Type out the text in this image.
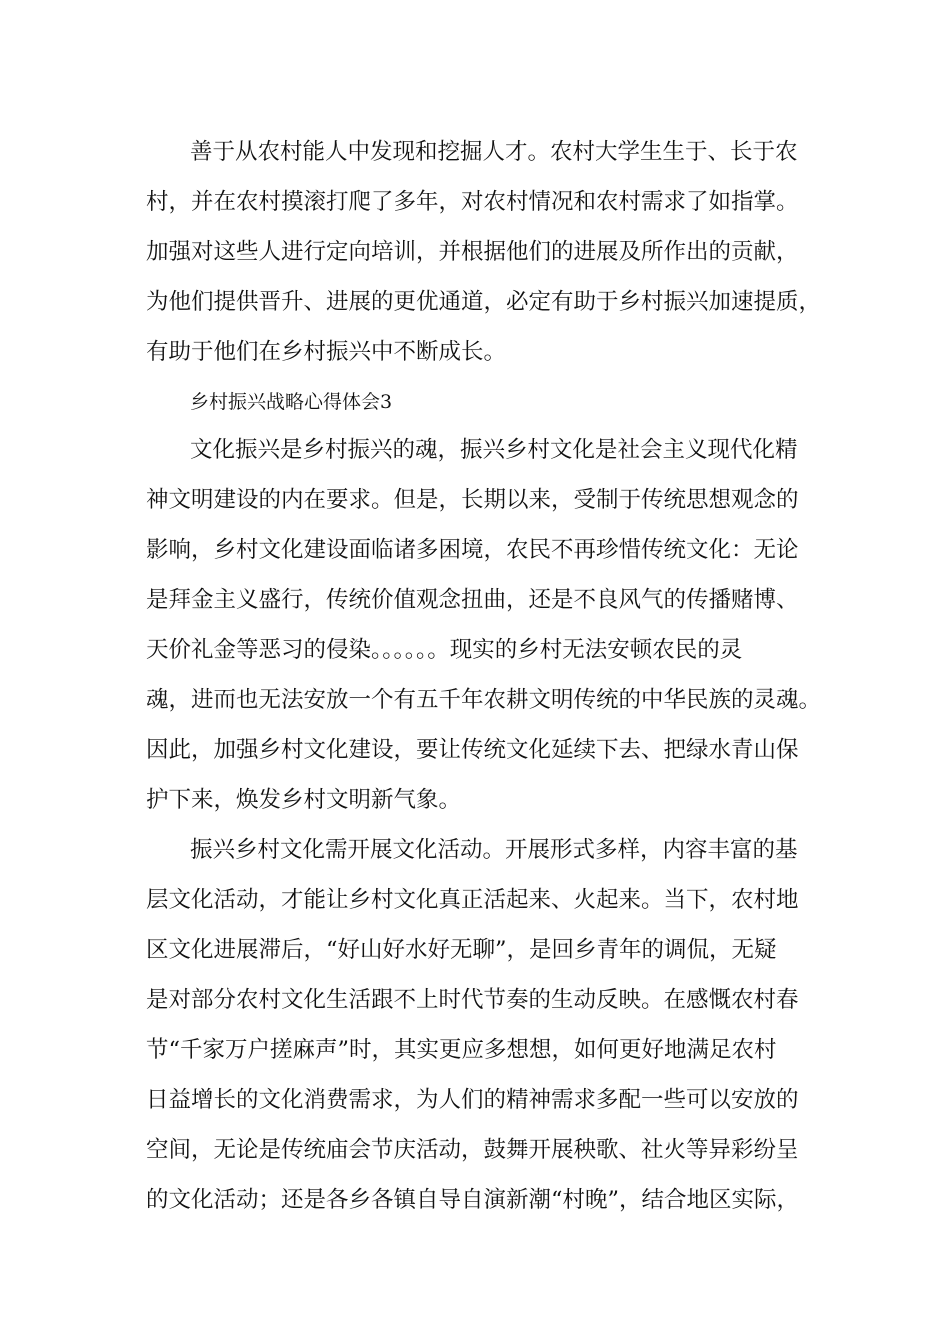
善于从农村能人中发现和挖掘人才。农村大学生生于、长于农
村，并在农村摸滚打爬了多年，对农村情况和农村需求了如指掌。
加强对这些人进行定向培训，并根据他们的进展及所作出的贡献，
为他们提供晋升、进展的更优通道，必定有助于乡村振兴加速提质，
有助于他们在乡村振兴中不断成长。
乡村振兴战略心得体会3
文化振兴是乡村振兴的魂，振兴乡村文化是社会主义现代化精
神文明建设的内在要求。但是，长期以来，受制于传统思想观念的
影响，乡村文化建设面临诸多困境，农民不再珍惜传统文化：无论
是拜金主义盛行，传统价值观念扭曲，还是不良风气的传播赌博、
天价礼金等恶习的侵染。。。。。。现实的乡村无法安顿农民的灵
魂，进而也无法安放一个有五千年农耕文明传统的中华民族的灵魂。
因此，加强乡村文化建设，要让传统文化延续下去、把绿水青山保
护下来，焕发乡村文明新气象。
振兴乡村文化需开展文化活动。开展形式多样，内容丰富的基
层文化活动，才能让乡村文化真正活起来、火起来。当下，农村地
区文化进展滞后，“好山好水好无聊”，是回乡青年的调侃，无疑
是对部分农村文化生活跟不上时代节奏的生动反映。在感慨农村春
节“千家万户搓麻声”时，其实更应多想想，如何更好地满足农村
日益增长的文化消费需求，为人们的精神需求多配一些可以安放的
空间，无论是传统庙会节庆活动，鼓舞开展秧歌、社火等异彩纷呈
的文化活动；还是各乡各镇自导自演新潮“村晚”，结合地区实际，
